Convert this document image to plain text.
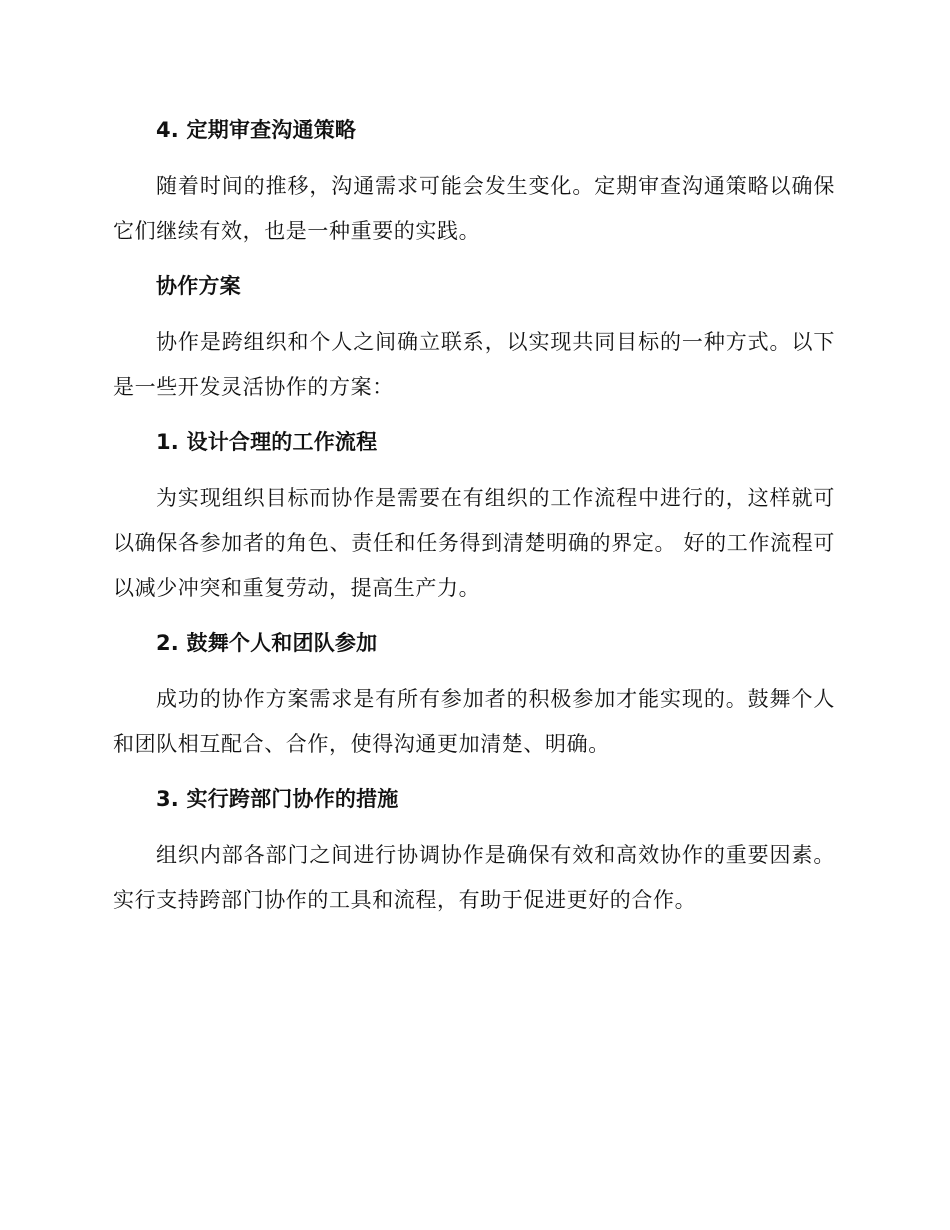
4. 定期审查沟通策略

随着时间的推移，沟通需求可能会发生变化。定期审查沟通策略以确保它们继续有效，也是一种重要的实践。

协作方案

协作是跨组织和个人之间确立联系，以实现共同目标的一种方式。以下是一些开发灵活协作的方案：

1. 设计合理的工作流程

为实现组织目标而协作是需要在有组织的工作流程中进行的，这样就可以确保各参加者的角色、责任和任务得到清楚明确的界定。 好的工作流程可以减少冲突和重复劳动，提高生产力。

2. 鼓舞个人和团队参加

成功的协作方案需求是有所有参加者的积极参加才能实现的。鼓舞个人和团队相互配合、合作，使得沟通更加清楚、明确。

3. 实行跨部门协作的措施

组织内部各部门之间进行协调协作是确保有效和高效协作的重要因素。实行支持跨部门协作的工具和流程，有助于促进更好的合作。
